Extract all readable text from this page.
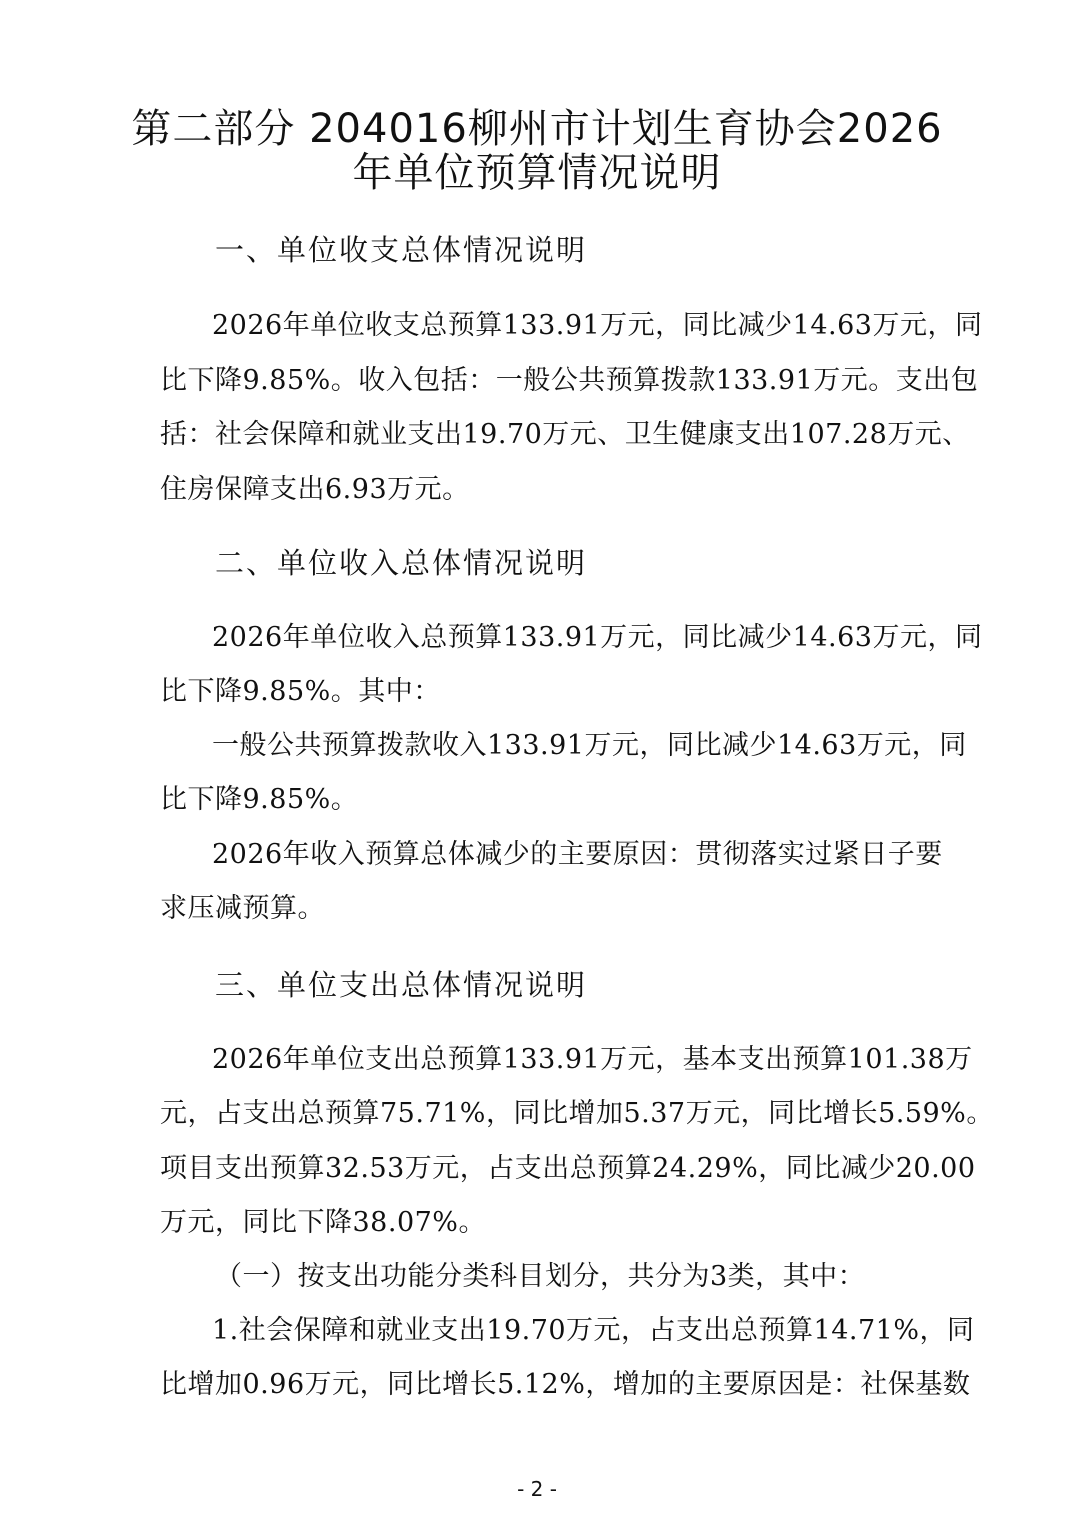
第二部分 204016柳州市计划生育协会2026
年单位预算情况说明
一、单位收支总体情况说明
2026年单位收支总预算133.91万元，同比减少14.63万元，同
比下降9.85%。收入包括：一般公共预算拨款133.91万元。支出包
括：社会保障和就业支出19.70万元、卫生健康支出107.28万元、
住房保障支出6.93万元。
二、单位收入总体情况说明
2026年单位收入总预算133.91万元，同比减少14.63万元，同
比下降9.85%。其中：
一般公共预算拨款收入133.91万元，同比减少14.63万元，同
比下降9.85%。
2026年收入预算总体减少的主要原因：贯彻落实过紧日子要
求压减预算。
三、单位支出总体情况说明
2026年单位支出总预算133.91万元，基本支出预算101.38万
元，占支出总预算75.71%，同比增加5.37万元，同比增长5.59%。
项目支出预算32.53万元，占支出总预算24.29%，同比减少20.00
万元，同比下降38.07%。
（一）按支出功能分类科目划分，共分为3类，其中：
1.社会保障和就业支出19.70万元，占支出总预算14.71%，同
比增加0.96万元，同比增长5.12%，增加的主要原因是：社保基数
- 2 -
